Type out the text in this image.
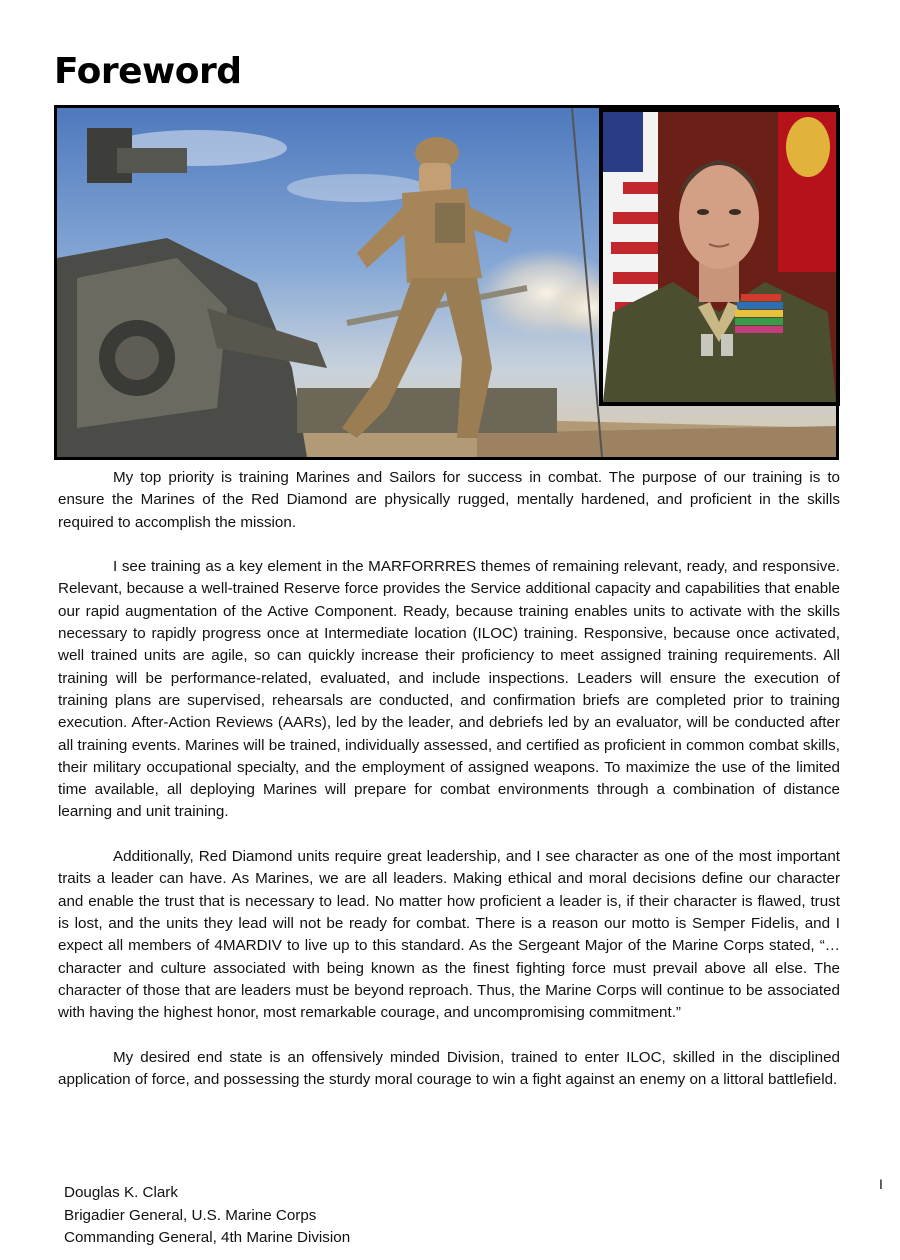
Foreword

My top priority is training Marines and Sailors for success in combat. The purpose of our training is to ensure the Marines of the Red Diamond are physically rugged, mentally hardened, and proficient in the skills required to accomplish the mission.

I see training as a key element in the MARFORRRES themes of remaining relevant, ready, and responsive. Relevant, because a well-trained Reserve force provides the Service additional capacity and capabilities that enable our rapid augmentation of the Active Component. Ready, because training enables units to activate with the skills necessary to rapidly progress once at Intermediate location (ILOC) training. Responsive, because once activated, well trained units are agile, so can quickly increase their proficiency to meet assigned training requirements. All training will be performance-related, evaluated, and include inspections. Leaders will ensure the execution of training plans are supervised, rehearsals are conducted, and confirmation briefs are completed prior to training execution. After-Action Reviews (AARs), led by the leader, and debriefs led by an evaluator, will be conducted after all training events. Marines will be trained, individually assessed, and certified as proficient in common combat skills, their military occupational specialty, and the employment of assigned weapons. To maximize the use of the limited time available, all deploying Marines will prepare for combat environments through a combination of distance learning and unit training.

Additionally, Red Diamond units require great leadership, and I see character as one of the most important traits a leader can have. As Marines, we are all leaders. Making ethical and moral decisions define our character and enable the trust that is necessary to lead. No matter how proficient a leader is, if their character is flawed, trust is lost, and the units they lead will not be ready for combat. There is a reason our motto is Semper Fidelis, and I expect all members of 4MARDIV to live up to this standard. As the Sergeant Major of the Marine Corps stated, “…character and culture associated with being known as the finest fighting force must prevail above all else. The character of those that are leaders must be beyond reproach. Thus, the Marine Corps will continue to be associated with having the highest honor, most remarkable courage, and uncompromising commitment.”

My desired end state is an offensively minded Division, trained to enter ILOC, skilled in the disciplined application of force, and possessing the sturdy moral courage to win a fight against an enemy on a littoral battlefield.

Douglas K. Clark
Brigadier General, U.S. Marine Corps
Commanding General, 4th Marine Division
I
